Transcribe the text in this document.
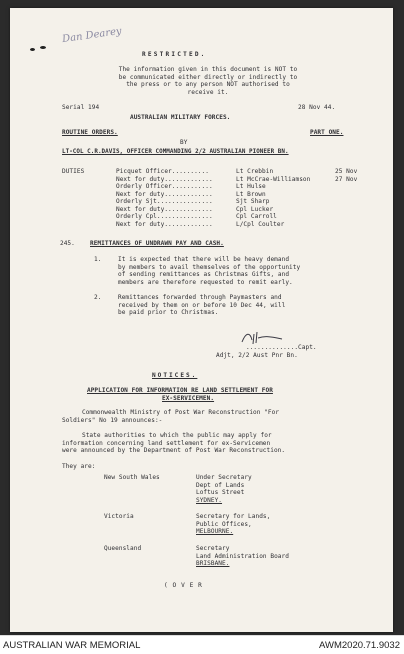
Dan Dearey
RESTRICTED.
The information given in this document is NOT to
be communicated either directly or indirectly to
the press or to any person NOT authorised to
receive it.
Serial 194	28 Nov 44.
AUSTRALIAN MILITARY FORCES.
ROUTINE ORDERS.	PART ONE.
BY
LT-COL C.R.DAVIS, OFFICER COMMANDING 2/2 AUSTRALIAN PIONEER BN.
DUTIES	Picquet Officer..........	Lt Crebbin	25 Nov
Next for duty.............	Lt McCrae-Williamson	27 Nov
Orderly Officer...........	Lt Hulse
Next for duty.............	Lt Brown
Orderly Sjt...............	Sjt Sharp
Next for duty.............	Cpl Lucker
Orderly Cpl...............	Cpl Carroll
Next for duty.............	L/Cpl Coulter
245. REMITTANCES OF UNDRAWN PAY AND CASH.
1.	It is expected that there will be heavy demand
by members to avail themselves of the opportunity
of sending remittances as Christmas Gifts, and
members are therefore requested to remit early.
2.	Remittances forwarded through Paymasters and
received by them on or before 10 Dec 44, will
be paid prior to Christmas.
..............Capt.
Adjt, 2/2 Aust Pnr Bn.
NOTICES.
APPLICATION FOR INFORMATION RE LAND SETTLEMENT FOR
EX-SERVICEMEN.
Commonwealth Ministry of Post War Reconstruction "For
Soldiers" No 19 announces:-
State authorities to which the public may apply for
information concerning land settlement for ex-Servicemen
were announced by the Department of Post War Reconstruction.
They are:
New South Wales	Under Secretary
Dept of Lands
Loftus Street
SYDNEY.
Victoria	Secretary for Lands,
Public Offices,
MELBOURNE.
Queensland	Secretary
Land Administration Board
BRISBANE.
( O V E R
AUSTRALIAN WAR MEMORIAL	AWM2020.71.9032
